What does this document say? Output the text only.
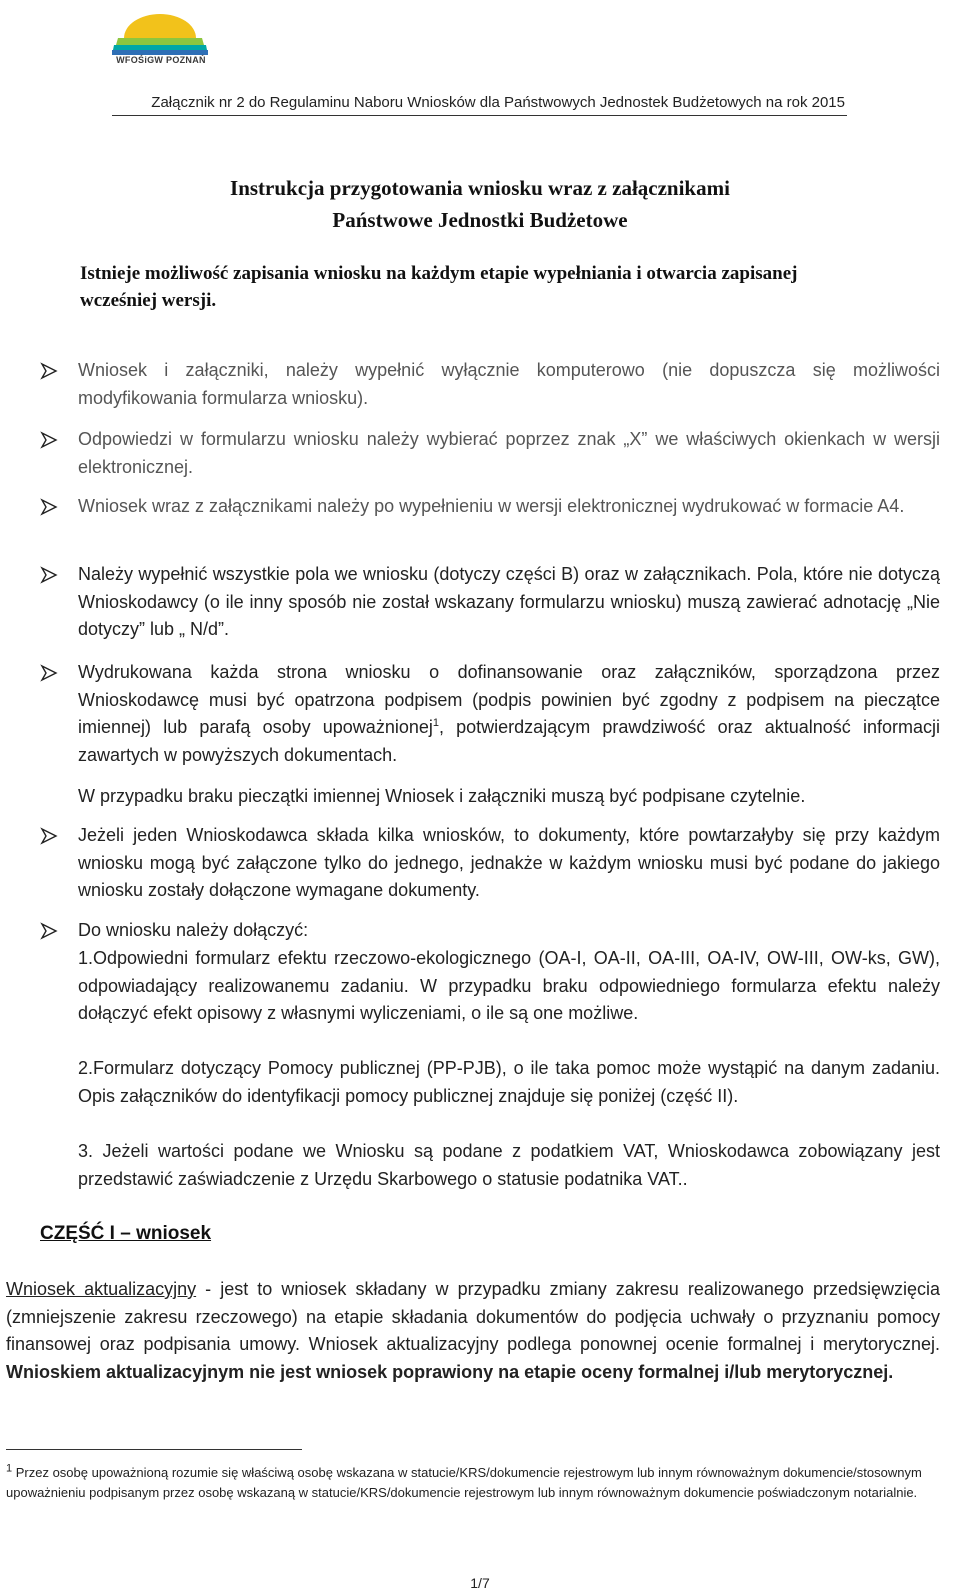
WFOŚiGW POZNAŃ
Załącznik nr 2 do Regulaminu Naboru Wniosków dla Państwowych Jednostek Budżetowych na rok 2015
Instrukcja przygotowania wniosku wraz z załącznikami
Państwowe Jednostki Budżetowe
Istnieje możliwość zapisania wniosku na każdym etapie wypełniania i otwarcia zapisanej
wcześniej wersji.
Wniosek i załączniki, należy wypełnić wyłącznie komputerowo (nie dopuszcza się możliwości modyfikowania formularza wniosku).
Odpowiedzi w formularzu wniosku należy wybierać poprzez znak „X” we właściwych okienkach w wersji elektronicznej.
Wniosek wraz z załącznikami należy po wypełnieniu w wersji elektronicznej wydrukować w formacie A4.
Należy wypełnić wszystkie pola we wniosku (dotyczy części B) oraz w załącznikach. Pola, które nie dotyczą Wnioskodawcy (o ile inny sposób nie został wskazany formularzu wniosku) muszą zawierać adnotację „Nie dotyczy” lub „ N/d”.
Wydrukowana każda strona wniosku o dofinansowanie oraz załączników, sporządzona przez Wnioskodawcę musi być opatrzona podpisem (podpis powinien być zgodny z podpisem na pieczątce imiennej) lub parafą osoby upoważnionej$^1$, potwierdzającym prawdziwość oraz aktualność informacji zawartych w powyższych dokumentach.
W przypadku braku pieczątki imiennej Wniosek i załączniki muszą być podpisane czytelnie.
Jeżeli jeden Wnioskodawca składa kilka wniosków, to dokumenty, które powtarzałyby się przy każdym wniosku mogą być załączone tylko do jednego, jednakże w każdym wniosku musi być podane do jakiego wniosku zostały dołączone wymagane dokumenty.
Do wniosku należy dołączyć:
1.Odpowiedni formularz efektu rzeczowo-ekologicznego (OA-I, OA-II, OA-III, OA-IV, OW-III, OW-ks, GW), odpowiadający realizowanemu zadaniu. W przypadku braku odpowiedniego formularza efektu należy dołączyć efekt opisowy z własnymi wyliczeniami, o ile są one możliwe.
2.Formularz dotyczący Pomocy publicznej (PP-PJB), o ile taka pomoc może wystąpić na danym zadaniu. Opis załączników do identyfikacji pomocy publicznej znajduje się poniżej (część II).
3. Jeżeli wartości podane we Wniosku są podane z podatkiem VAT, Wnioskodawca zobowiązany jest przedstawić zaświadczenie z Urzędu Skarbowego o statusie podatnika VAT..
CZĘŚĆ I – wniosek
Wniosek aktualizacyjny - jest to wniosek składany w przypadku zmiany zakresu realizowanego przedsięwzięcia (zmniejszenie zakresu rzeczowego) na etapie składania dokumentów do podjęcia uchwały o przyznaniu pomocy finansowej oraz podpisania umowy. Wniosek aktualizacyjny podlega ponownej ocenie formalnej i merytorycznej. Wnioskiem aktualizacyjnym nie jest wniosek poprawiony na etapie oceny formalnej i/lub merytorycznej.
$^1$ Przez osobę upoważnioną rozumie się właściwą osobę wskazana w statucie/KRS/dokumencie rejestrowym lub innym równoważnym dokumencie/stosownym upoważnieniu podpisanym przez osobę wskazaną w statucie/KRS/dokumencie rejestrowym lub innym równoważnym dokumencie poświadczonym notarialnie.
1/7
